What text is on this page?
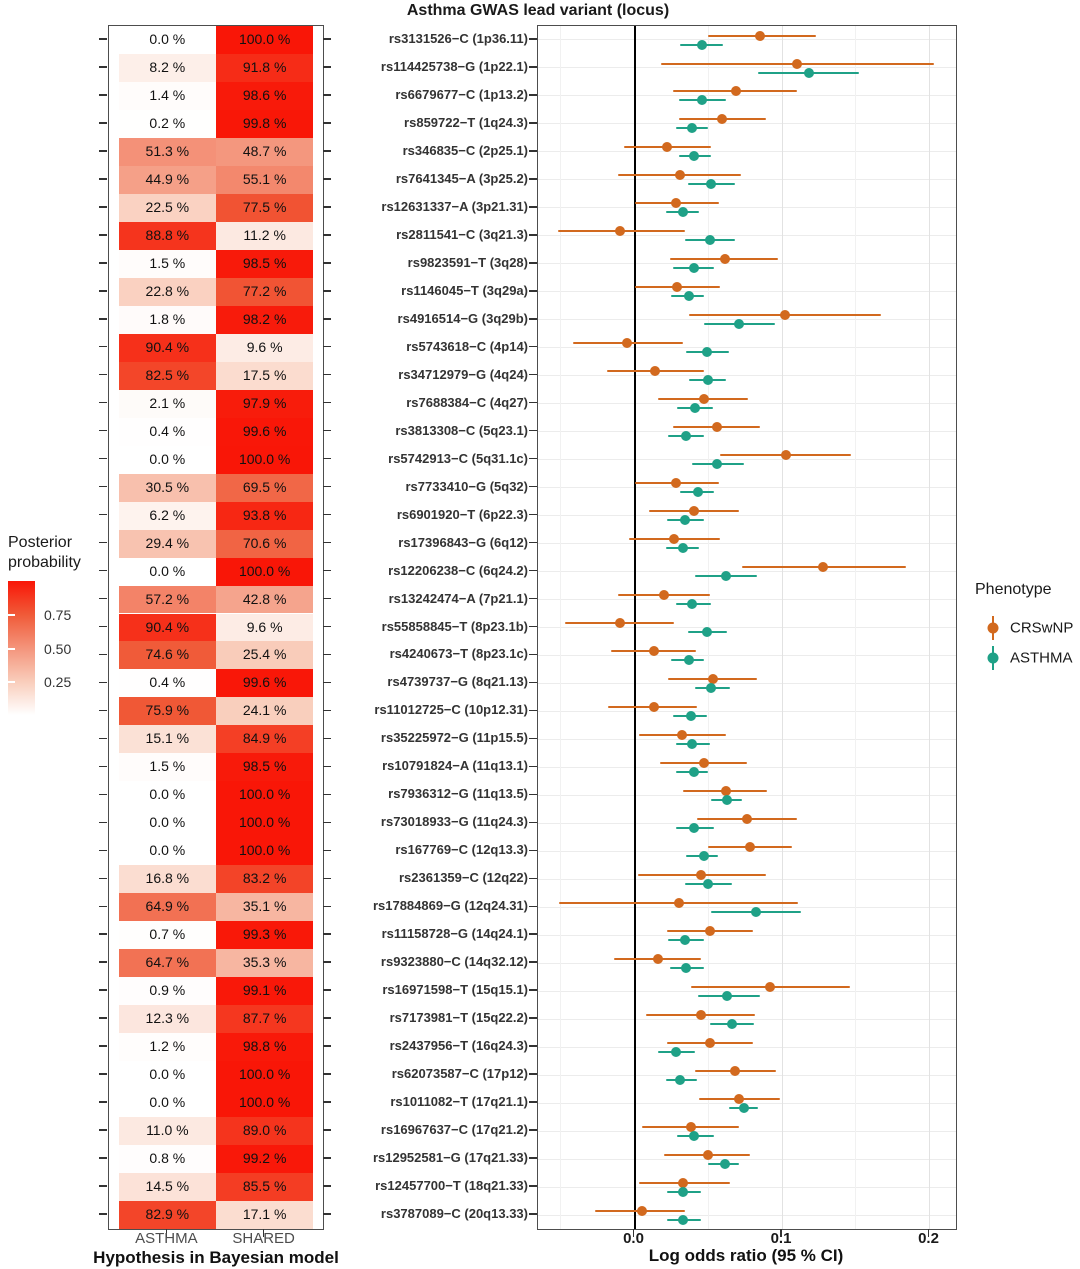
Asthma GWAS lead variant (locus)
Posterior probability
0.75
0.50
0.25
0.0 %	100.0 %
8.2 %	91.8 %
1.4 %	98.6 %
0.2 %	99.8 %
51.3 %	48.7 %
44.9 %	55.1 %
22.5 %	77.5 %
88.8 %	11.2 %
1.5 %	98.5 %
22.8 %	77.2 %
1.8 %	98.2 %
90.4 %	9.6 %
82.5 %	17.5 %
2.1 %	97.9 %
0.4 %	99.6 %
0.0 %	100.0 %
30.5 %	69.5 %
6.2 %	93.8 %
29.4 %	70.6 %
0.0 %	100.0 %
57.2 %	42.8 %
90.4 %	9.6 %
74.6 %	25.4 %
0.4 %	99.6 %
75.9 %	24.1 %
15.1 %	84.9 %
1.5 %	98.5 %
0.0 %	100.0 %
0.0 %	100.0 %
0.0 %	100.0 %
16.8 %	83.2 %
64.9 %	35.1 %
0.7 %	99.3 %
64.7 %	35.3 %
0.9 %	99.1 %
12.3 %	87.7 %
1.2 %	98.8 %
0.0 %	100.0 %
0.0 %	100.0 %
11.0 %	89.0 %
0.8 %	99.2 %
14.5 %	85.5 %
82.9 %	17.1 %
ASTHMA SHARED
Hypothesis in Bayesian model
rs3131526−C (1p36.11)
rs114425738−G (1p22.1)
rs6679677−C (1p13.2)
rs859722−T (1q24.3)
rs346835−C (2p25.1)
rs7641345−A (3p25.2)
rs12631337−A (3p21.31)
rs2811541−C (3q21.3)
rs9823591−T (3q28)
rs1146045−T (3q29a)
rs4916514−G (3q29b)
rs5743618−C (4p14)
rs34712979−G (4q24)
rs7688384−C (4q27)
rs3813308−C (5q23.1)
rs5742913−C (5q31.1c)
rs7733410−G (5q32)
rs6901920−T (6p22.3)
rs17396843−G (6q12)
rs12206238−C (6q24.2)
rs13242474−A (7p21.1)
rs55858845−T (8p23.1b)
rs4240673−T (8p23.1c)
rs4739737−G (8q21.13)
rs11012725−C (10p12.31)
rs35225972−G (11p15.5)
rs10791824−A (11q13.1)
rs7936312−G (11q13.5)
rs73018933−G (11q24.3)
rs167769−C (12q13.3)
rs2361359−C (12q22)
rs17884869−G (12q24.31)
rs11158728−G (14q24.1)
rs9323880−C (14q32.12)
rs16971598−T (15q15.1)
rs7173981−T (15q22.2)
rs2437956−T (16q24.3)
rs62073587−C (17p12)
rs1011082−T (17q21.1)
rs16967637−C (17q21.2)
rs12952581−G (17q21.33)
rs12457700−T (18q21.33)
rs3787089−C (20q13.33)
0.0	0.1	0.2
Log odds ratio (95 % CI)
Phenotype
CRSwNP
ASTHMA
